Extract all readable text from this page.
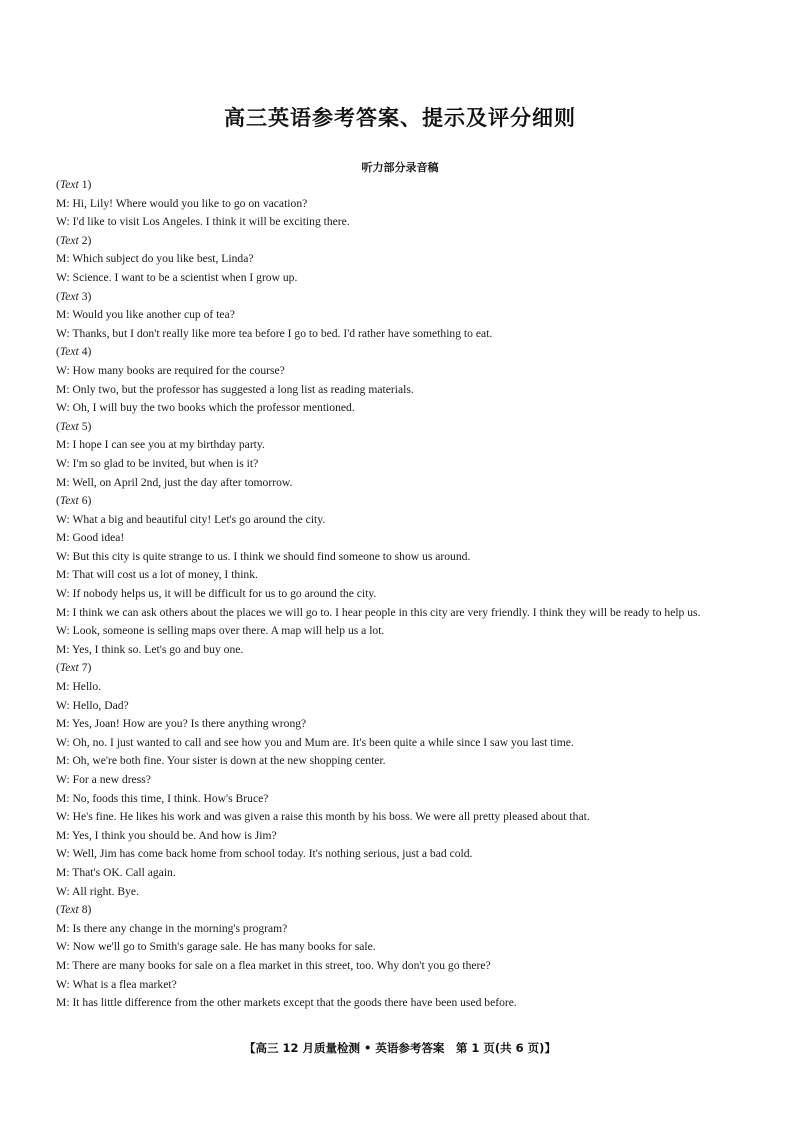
高三英语参考答案、提示及评分细则
听力部分录音稿
(Text 1)
M: Hi, Lily! Where would you like to go on vacation?
W: I'd like to visit Los Angeles. I think it will be exciting there.
(Text 2)
M: Which subject do you like best, Linda?
W: Science. I want to be a scientist when I grow up.
(Text 3)
M: Would you like another cup of tea?
W: Thanks, but I don't really like more tea before I go to bed. I'd rather have something to eat.
(Text 4)
W: How many books are required for the course?
M: Only two, but the professor has suggested a long list as reading materials.
W: Oh, I will buy the two books which the professor mentioned.
(Text 5)
M: I hope I can see you at my birthday party.
W: I'm so glad to be invited, but when is it?
M: Well, on April 2nd, just the day after tomorrow.
(Text 6)
W: What a big and beautiful city! Let's go around the city.
M: Good idea!
W: But this city is quite strange to us. I think we should find someone to show us around.
M: That will cost us a lot of money, I think.
W: If nobody helps us, it will be difficult for us to go around the city.
M: I think we can ask others about the places we will go to. I hear people in this city are very friendly. I think they will be ready to help us.
W: Look, someone is selling maps over there. A map will help us a lot.
M: Yes, I think so. Let's go and buy one.
(Text 7)
M: Hello.
W: Hello, Dad?
M: Yes, Joan! How are you? Is there anything wrong?
W: Oh, no. I just wanted to call and see how you and Mum are. It's been quite a while since I saw you last time.
M: Oh, we're both fine. Your sister is down at the new shopping center.
W: For a new dress?
M: No, foods this time, I think. How's Bruce?
W: He's fine. He likes his work and was given a raise this month by his boss. We were all pretty pleased about that.
M: Yes, I think you should be. And how is Jim?
W: Well, Jim has come back home from school today. It's nothing serious, just a bad cold.
M: That's OK. Call again.
W: All right. Bye.
(Text 8)
M: Is there any change in the morning's program?
W: Now we'll go to Smith's garage sale. He has many books for sale.
M: There are many books for sale on a flea market in this street, too. Why don't you go there?
W: What is a flea market?
M: It has little difference from the other markets except that the goods there have been used before.
【高三 12 月质量检测 • 英语参考答案　第 1 页(共 6 页)】
